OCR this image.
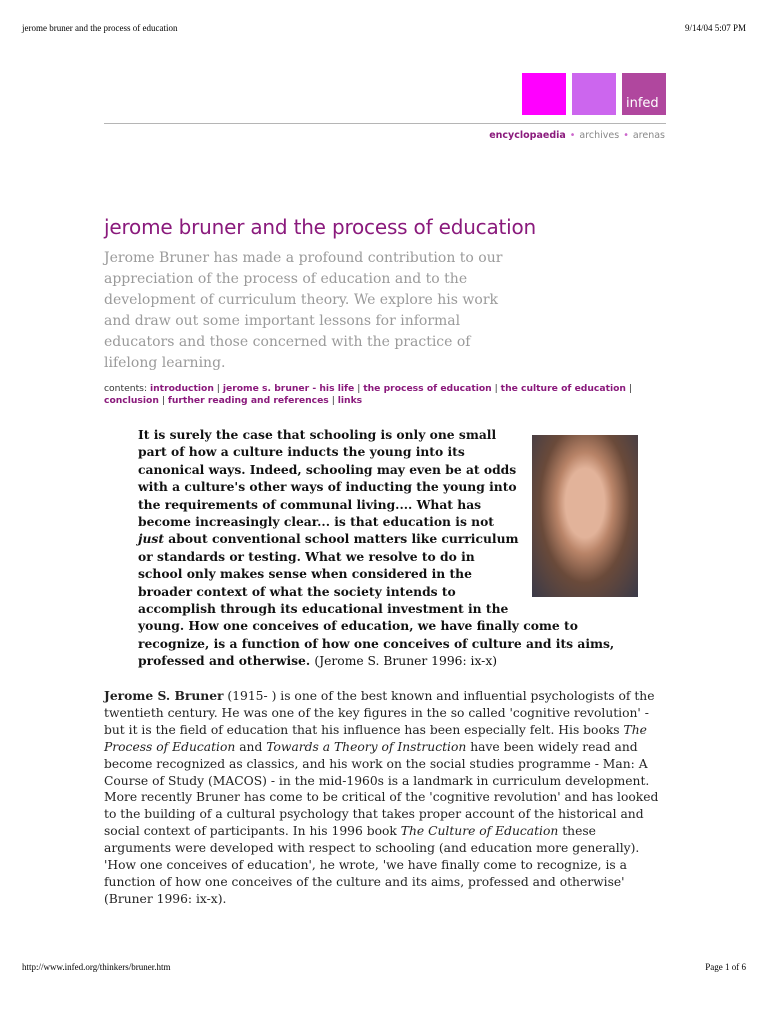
jerome bruner and the process of education	9/14/04 5:07 PM
infed
encyclopaedia • archives • arenas
jerome bruner and the process of education

Jerome Bruner has made a profound contribution to our appreciation of the process of education and to the development of curriculum theory. We explore his work and draw out some important lessons for informal educators and those concerned with the practice of lifelong learning.

contents: introduction | jerome s. bruner - his life | the process of education | the culture of education | conclusion | further reading and references | links
It is surely the case that schooling is only one small part of how a culture inducts the young into its canonical ways. Indeed, schooling may even be at odds with a culture's other ways of inducting the young into the requirements of communal living.... What has become increasingly clear... is that education is not just about conventional school matters like curriculum or standards or testing. What we resolve to do in school only makes sense when considered in the broader context of what the society intends to accomplish through its educational investment in the young. How one conceives of education, we have finally come to recognize, is a function of how one conceives of culture and its aims, professed and otherwise. (Jerome S. Bruner 1996: ix-x)

Jerome S. Bruner (1915- ) is one of the best known and influential psychologists of the twentieth century. He was one of the key figures in the so called 'cognitive revolution' - but it is the field of education that his influence has been especially felt. His books The Process of Education and Towards a Theory of Instruction have been widely read and become recognized as classics, and his work on the social studies programme - Man: A Course of Study (MACOS) - in the mid-1960s is a landmark in curriculum development. More recently Bruner has come to be critical of the 'cognitive revolution' and has looked to the building of a cultural psychology that takes proper account of the historical and social context of participants. In his 1996 book The Culture of Education these arguments were developed with respect to schooling (and education more generally). 'How one conceives of education', he wrote, 'we have finally come to recognize, is a function of how one conceives of the culture and its aims, professed and otherwise' (Bruner 1996: ix-x).

http://www.infed.org/thinkers/bruner.htm	Page 1 of 6
